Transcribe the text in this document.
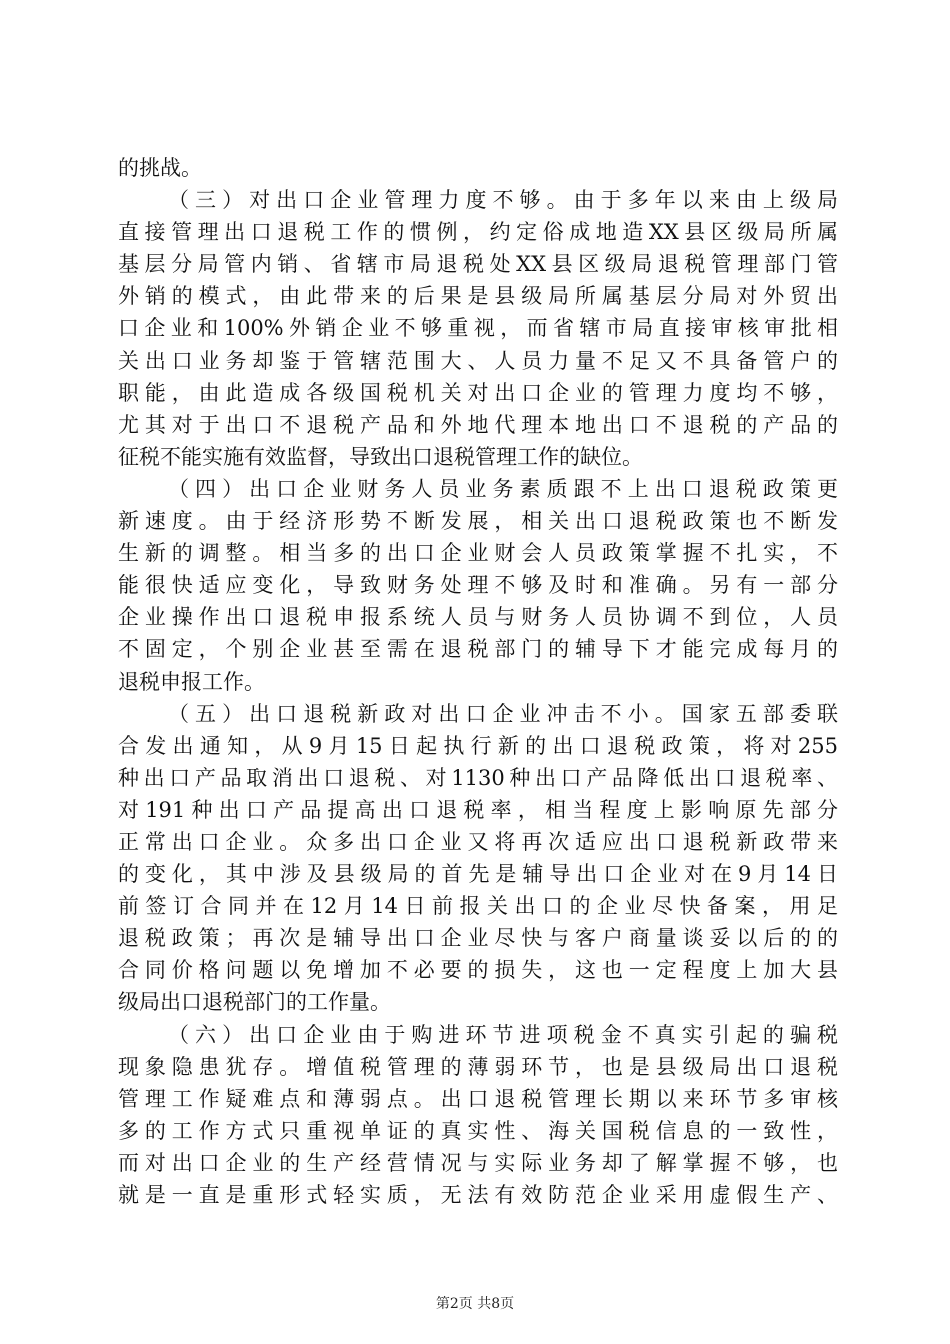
的挑战。
（三）对出口企业管理力度不够。由于多年以来由上级局
直接管理出口退税工作的惯例，约定俗成地造XX县区级局所属
基层分局管内销、省辖市局退税处XX县区级局退税管理部门管
外销的模式，由此带来的后果是县级局所属基层分局对外贸出
口企业和100%外销企业不够重视，而省辖市局直接审核审批相
关出口业务却鉴于管辖范围大、人员力量不足又不具备管户的
职能，由此造成各级国税机关对出口企业的管理力度均不够，
尤其对于出口不退税产品和外地代理本地出口不退税的产品的
征税不能实施有效监督，导致出口退税管理工作的缺位。
（四）出口企业财务人员业务素质跟不上出口退税政策更
新速度。由于经济形势不断发展，相关出口退税政策也不断发
生新的调整。相当多的出口企业财会人员政策掌握不扎实，不
能很快适应变化，导致财务处理不够及时和准确。另有一部分
企业操作出口退税申报系统人员与财务人员协调不到位，人员
不固定，个别企业甚至需在退税部门的辅导下才能完成每月的
退税申报工作。
（五）出口退税新政对出口企业冲击不小。国家五部委联
合发出通知，从9月15日起执行新的出口退税政策，将对255
种出口产品取消出口退税、对1130种出口产品降低出口退税率、
对191种出口产品提高出口退税率，相当程度上影响原先部分
正常出口企业。众多出口企业又将再次适应出口退税新政带来
的变化，其中涉及县级局的首先是辅导出口企业对在9月14日
前签订合同并在12月14日前报关出口的企业尽快备案，用足
退税政策；再次是辅导出口企业尽快与客户商量谈妥以后的的
合同价格问题以免增加不必要的损失，这也一定程度上加大县
级局出口退税部门的工作量。
（六）出口企业由于购进环节进项税金不真实引起的骗税
现象隐患犹存。增值税管理的薄弱环节，也是县级局出口退税
管理工作疑难点和薄弱点。出口退税管理长期以来环节多审核
多的工作方式只重视单证的真实性、海关国税信息的一致性，
而对出口企业的生产经营情况与实际业务却了解掌握不够，也
就是一直是重形式轻实质，无法有效防范企业采用虚假生产、
第2页 共8页
